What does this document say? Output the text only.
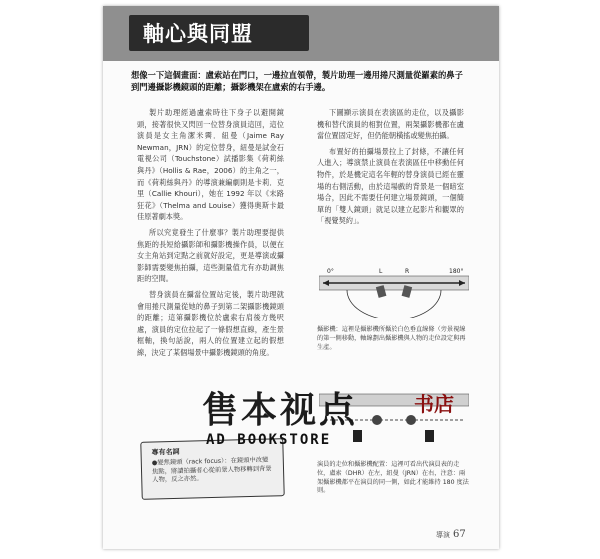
軸心與同盟
想像一下這個畫面：盧索站在門口，一邊拉直領帶，製片助理一邊用捲尺測量從羅素的鼻子到門邊攝影機鏡頭的距離；攝影機架在盧索的右手邊。

製片助理經過盧索時往下身子以避開鏡頭，接著很快又閃回一位替身演員這回，這位演員是女主角潔米霽．紐曼（Jaime Ray Newman，JRN）的定位替身，紐曼是試金石電視公司（Touchstone）試播影集《荷莉絲與丹》（Hollis & Rae，2006）的主角之一，而《荷莉絲與丹》的導演兼編劇則是卡莉．克里（Callie Khouri），她在 1992 年以《末路狂花》（Thelma and Louise）獲得奧斯卡最佳原著劇本獎。

所以究竟發生了什麼事？製片助理要提供焦距的長短給攝影師和攝影機操作員，以便在女主角站到定點之前就好設定，更是導演或攝影師需要變焦拍攝，這些測量值尤有亦助調焦距的空間。

替身演員在攝當位置站定後，製片助理就會用捲尺測量從她的鼻子到第二架攝影機鏡頭的距離；這第攝影機位於盧索右肩後方幾呎處，演員的定位拉起了一條假想直線，產生景框軸，換句話說，兩人的位置建立起的假想線，決定了某個場景中攝影機鏡頭的角度。

下圖顯示演員在表演區的走位，以及攝影機和替代演員的相對位置，兩架攝影機都在盧當位置固定好，但仍能朝橫搖或變焦拍攝。

布置好的拍攝場景拉上了封條，不讓任何人進入；導演禁止演員在表演區任中移動任何物件，於是機定這名年輕的替身演員已經在靈場的右側活動，由於這場戲的背景是一個暗室場合，因此不需要任何建立場景鏡頭，一個簡單的「雙人鏡頭」就足以建立起影片和觀眾的「視覺契約」。

0°	180°
L	R
攝影機：這裡是攝影機所攝於白色垂直線條（旁景視線的第一側移動，軸線劃出攝影機與人物的走位設定與再生產。
演員的走位和攝影機配置：這裡可看出代演員表的走位，盧索（DHR）在左，紐曼（JRN）在右，注意：兩架攝影機都平在演員的同一側，如此才能維持 180 度法則。
專有名詞
●變焦鏡頭（rack focus）：在鏡頭中改變焦點，將讀拍攝者心從前景人物移轉到背景人物，反之亦然。
導演 67
售本视点	书店
AD BOOKSTORE
